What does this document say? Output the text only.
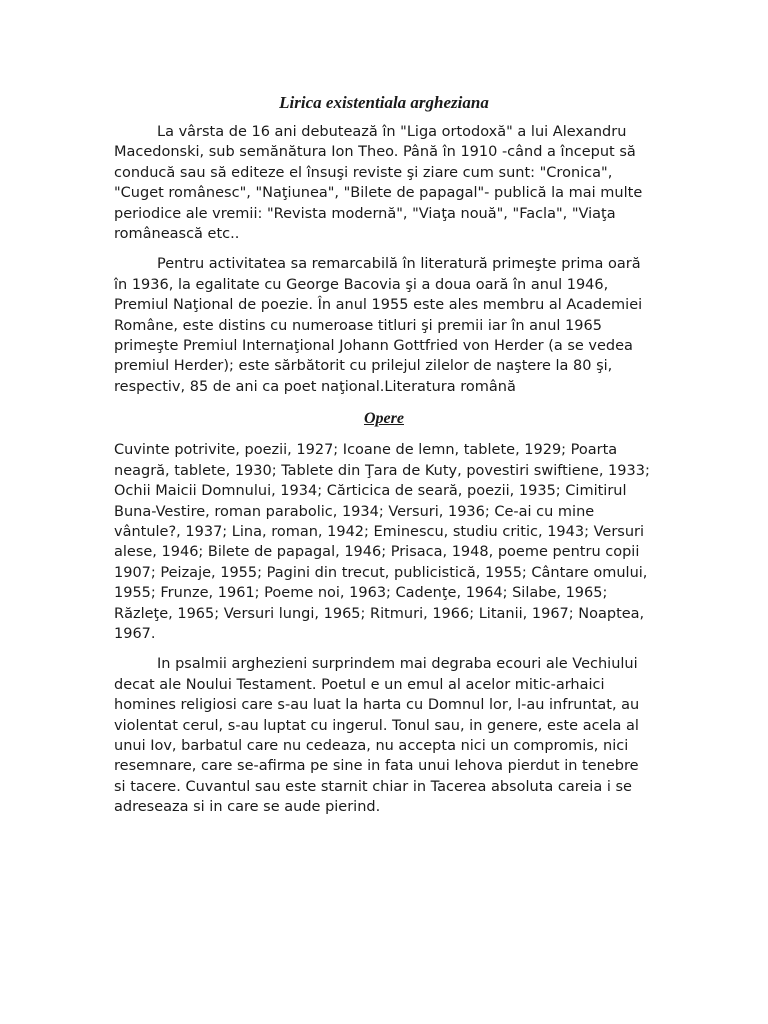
Lirica existentiala argheziana

La vârsta de 16 ani debutează în "Liga ortodoxă" a lui Alexandru Macedonski, sub semănătura Ion Theo. Până în 1910 -când a început să conducă sau să editeze el însuşi reviste şi ziare cum sunt: "Cronica", "Cuget românesc", "Naţiunea", "Bilete de papagal"- publică la mai multe periodice ale vremii: "Revista modernă", "Viaţa nouă", "Facla", "Viaţa românească etc..

Pentru activitatea sa remarcabilă în literatură primeşte prima oară în 1936, la egalitate cu George Bacovia şi a doua oară în anul 1946, Premiul Naţional de poezie. În anul 1955 este ales membru al Academiei Române, este distins cu numeroase titluri şi premii iar în anul 1965 primeşte Premiul Internaţional Johann Gottfried von Herder (a se vedea premiul Herder); este sărbătorit cu prilejul zilelor de naştere la 80 şi, respectiv, 85 de ani ca poet naţional.Literatura română

Opere

Cuvinte potrivite, poezii, 1927; Icoane de lemn, tablete, 1929; Poarta neagră, tablete, 1930; Tablete din Ţara de Kuty, povestiri swiftiene, 1933; Ochii Maicii Domnului, 1934; Cărticica de seară, poezii, 1935; Cimitirul Buna-Vestire, roman parabolic, 1934; Versuri, 1936; Ce-ai cu mine vântule?, 1937; Lina, roman, 1942; Eminescu, studiu critic, 1943; Versuri alese, 1946; Bilete de papagal, 1946; Prisaca, 1948, poeme pentru copii 1907; Peizaje, 1955; Pagini din trecut, publicistică, 1955; Cântare omului, 1955; Frunze, 1961; Poeme noi, 1963; Cadenţe, 1964; Silabe, 1965; Răzleţe, 1965; Versuri lungi, 1965; Ritmuri, 1966; Litanii, 1967; Noaptea, 1967.

In psalmii arghezieni surprindem mai degraba ecouri ale Vechiului decat ale Noului Testament. Poetul e un emul al acelor mitic-arhaici homines religiosi care s-au luat la harta cu Domnul lor, l-au infruntat, au violentat cerul, s-au luptat cu ingerul. Tonul sau, in genere, este acela al unui Iov, barbatul care nu cedeaza, nu accepta nici un compromis, nici resemnare, care se-afirma pe sine in fata unui Iehova pierdut in tenebre si tacere. Cuvantul sau este starnit chiar in Tacerea absoluta careia i se adreseaza si in care se aude pierind.
